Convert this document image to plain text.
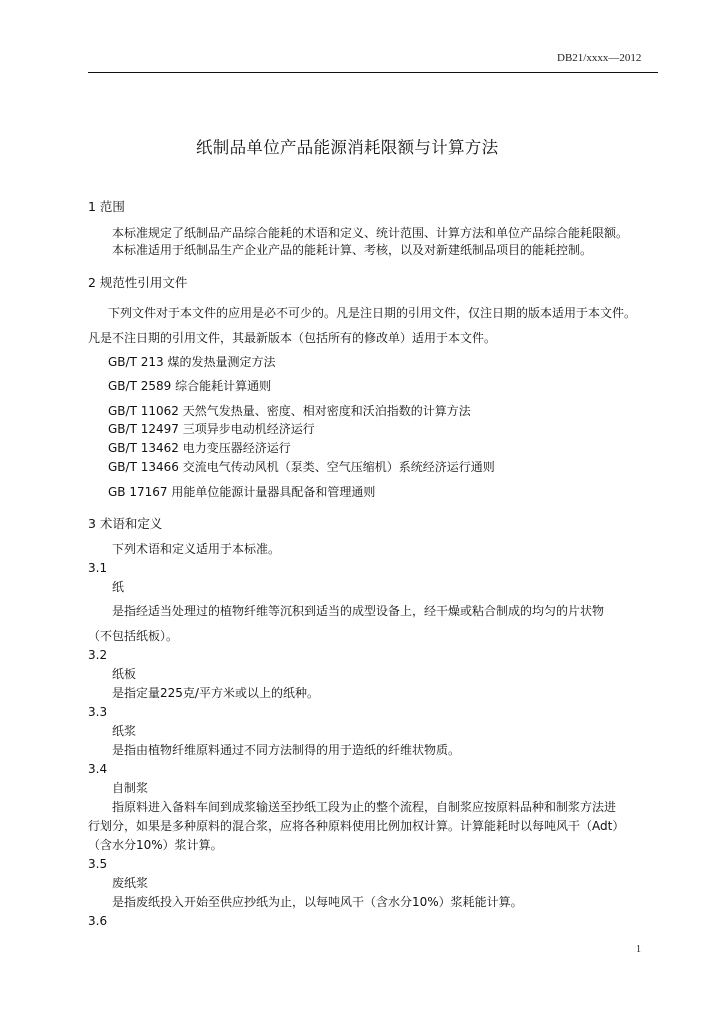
DB21/xxxx—2012
纸制品单位产品能源消耗限额与计算方法
1 范围
本标准规定了纸制品产品综合能耗的术语和定义、统计范围、计算方法和单位产品综合能耗限额。
本标准适用于纸制品生产企业产品的能耗计算、考核，以及对新建纸制品项目的能耗控制。
2 规范性引用文件
下列文件对于本文件的应用是必不可少的。凡是注日期的引用文件，仅注日期的版本适用于本文件。
凡是不注日期的引用文件，其最新版本（包括所有的修改单）适用于本文件。
GB/T 213 煤的发热量测定方法
GB/T 2589 综合能耗计算通则
GB/T 11062 天然气发热量、密度、相对密度和沃泊指数的计算方法
GB/T 12497 三项异步电动机经济运行
GB/T 13462 电力变压器经济运行
GB/T 13466 交流电气传动风机（泵类、空气压缩机）系统经济运行通则
GB 17167 用能单位能源计量器具配备和管理通则
3 术语和定义
下列术语和定义适用于本标准。
3.1
纸
是指经适当处理过的植物纤维等沉积到适当的成型设备上，经干燥或粘合制成的均匀的片状物
（不包括纸板）。
3.2
纸板
是指定量225克/平方米或以上的纸种。
3.3
纸浆
是指由植物纤维原料通过不同方法制得的用于造纸的纤维状物质。
3.4
自制浆
指原料进入备料车间到成浆输送至抄纸工段为止的整个流程，自制浆应按原料品种和制浆方法进
行划分，如果是多种原料的混合浆，应将各种原料使用比例加权计算。计算能耗时以每吨风干（Adt）
（含水分10%）浆计算。
3.5
废纸浆
是指废纸投入开始至供应抄纸为止，以每吨风干（含水分10%）浆耗能计算。
3.6
1
